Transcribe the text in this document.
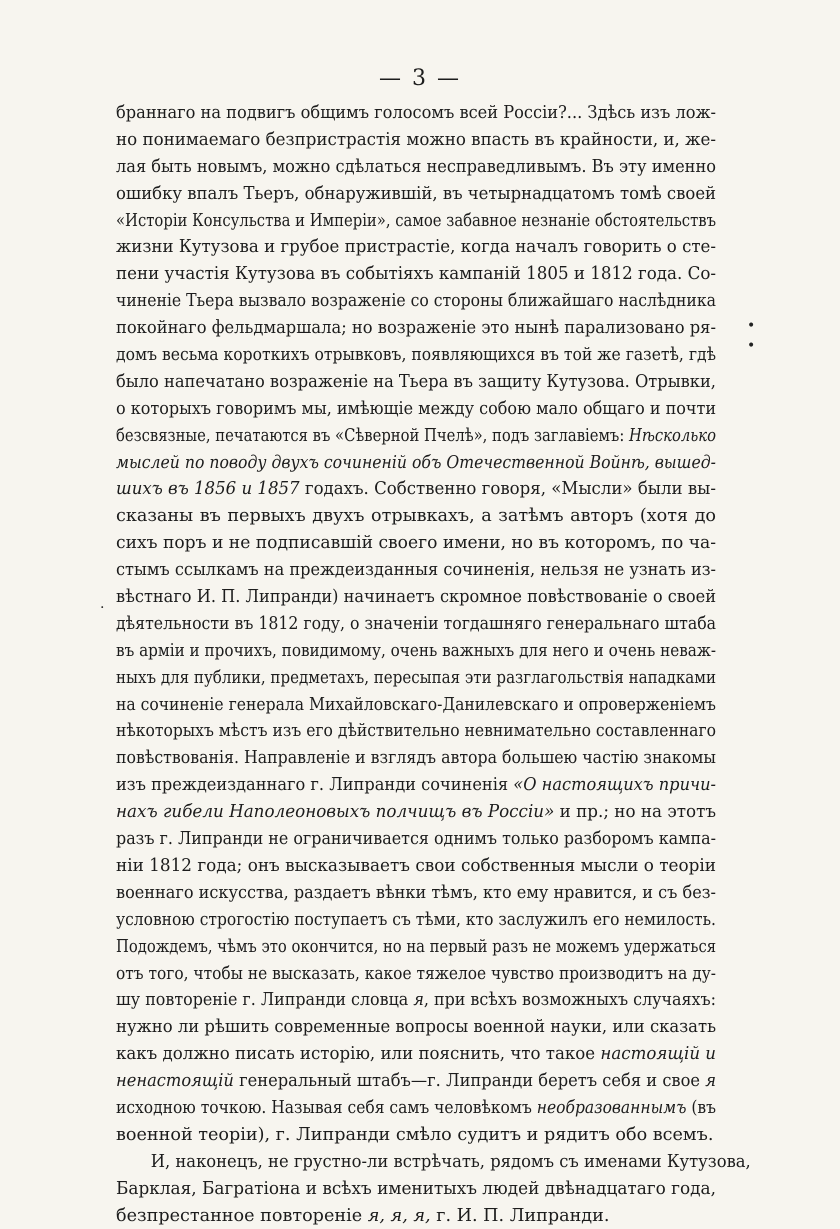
— 3 —
браннаго на подвигъ общимъ голосомъ всей Россіи?... Здѣсь изъ лож-
но понимаемаго безпристрастія можно впасть въ крайности, и, же-
лая быть новымъ, можно сдѣлаться несправедливымъ. Въ эту именно
ошибку впалъ Тьеръ, обнаружившій, въ четырнадцатомъ томѣ своей
«Исторіи Консульства и Имперіи», самое забавное незнаніе обстоятельствъ
жизни Кутузова и грубое пристрастіе, когда началъ говорить о сте-
пени участія Кутузова въ событіяхъ кампаній 1805 и 1812 года. Со-
чиненіе Тьера вызвало возраженіе со стороны ближайшаго наслѣдника
покойнаго фельдмаршала; но возраженіе это нынѣ парализовано ря-
домъ весьма короткихъ отрывковъ, появляющихся въ той же газетѣ, гдѣ
было напечатано возраженіе на Тьера въ защиту Кутузова. Отрывки,
о которыхъ говоримъ мы, имѣющіе между собою мало общаго и почти
безсвязные, печатаются въ «Сѣверной Пчелѣ», подъ заглавіемъ: Нѣсколько
мыслей по поводу двухъ сочиненій объ Отечественной Войнѣ, вышед-
шихъ въ 1856 и 1857 годахъ. Собственно говоря, «Мысли» были вы-
сказаны въ первыхъ двухъ отрывкахъ, а затѣмъ авторъ (хотя до
сихъ поръ и не подписавшій своего имени, но въ которомъ, по ча-
стымъ ссылкамъ на преждеизданныя сочиненія, нельзя не узнать из-
вѣстнаго И. П. Липранди) начинаетъ скромное повѣствованіе о своей
дѣятельности въ 1812 году, о значеніи тогдашняго генеральнаго штаба
въ арміи и прочихъ, повидимому, очень важныхъ для него и очень неваж-
ныхъ для публики, предметахъ, пересыпая эти разглагольствія нападками
на сочиненіе генерала Михайловскаго-Данилевскаго и опроверженіемъ
нѣкоторыхъ мѣстъ изъ его дѣйствительно невнимательно составленнаго
повѣствованія. Направленіе и взглядъ автора большею частію знакомы
изъ преждеизданнаго г. Липранди сочиненія «О настоящихъ причи-
нахъ гибели Наполеоновыхъ полчищъ въ Россіи» и пр.; но на этотъ
разъ г. Липранди не ограничивается однимъ только разборомъ кампа-
ніи 1812 года; онъ высказываетъ свои собственныя мысли о теоріи
военнаго искусства, раздаетъ вѣнки тѣмъ, кто ему нравится, и съ без-
условною строгостію поступаетъ съ тѣми, кто заслужилъ его немилость.
Подождемъ, чѣмъ это окончится, но на первый разъ не можемъ удержаться
отъ того, чтобы не высказать, какое тяжелое чувство производитъ на ду-
шу повтореніе г. Липранди словца я, при всѣхъ возможныхъ случаяхъ:
нужно ли рѣшить современные вопросы военной науки, или сказать
какъ должно писать исторію, или пояснить, что такое настоящій и
ненастоящій генеральный штабъ—г. Липранди беретъ себя и свое я
исходною точкою. Называя себя самъ человѣкомъ необразованнымъ (въ
военной теоріи), г. Липранди смѣло судитъ и рядитъ обо всемъ.
И, наконецъ, не грустно-ли встрѣчать, рядомъ съ именами Кутузова,
Барклая, Багратіона и всѣхъ именитыхъ людей двѣнадцатаго года,
безпрестанное повтореніе я, я, я, г. И. П. Липранди.
•
•
.
